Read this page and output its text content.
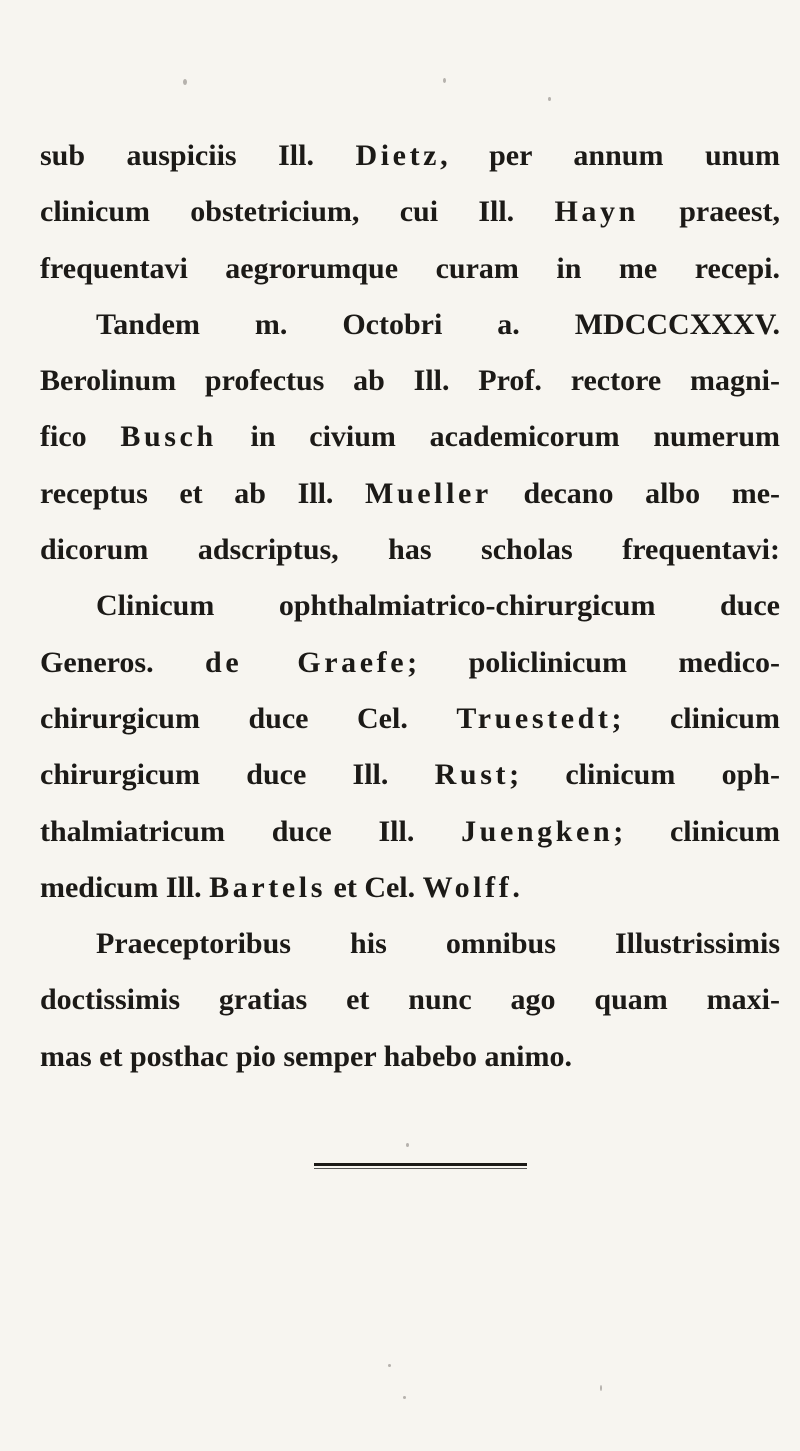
sub auspiciis Ill. Dietz, per annum unum
clinicum obstetricium, cui Ill. Hayn praeest,
frequentavi aegrorumque curam in me recepi.
Tandem m. Octobri a. MDCCCXXXV.
Berolinum profectus ab Ill. Prof. rectore magni-
fico Busch in civium academicorum numerum
receptus et ab Ill. Mueller decano albo me-
dicorum adscriptus, has scholas frequentavi:
Clinicum ophthalmiatrico-chirurgicum duce
Generos. de Graefe; policlinicum medico-
chirurgicum duce Cel. Truestedt; clinicum
chirurgicum duce Ill. Rust; clinicum oph-
thalmiatricum duce Ill. Juengken; clinicum
medicum Ill. Bartels et Cel. Wolff.
Praeceptoribus his omnibus Illustrissimis
doctissimis gratias et nunc ago quam maxi-
mas et posthac pio semper habebo animo.
